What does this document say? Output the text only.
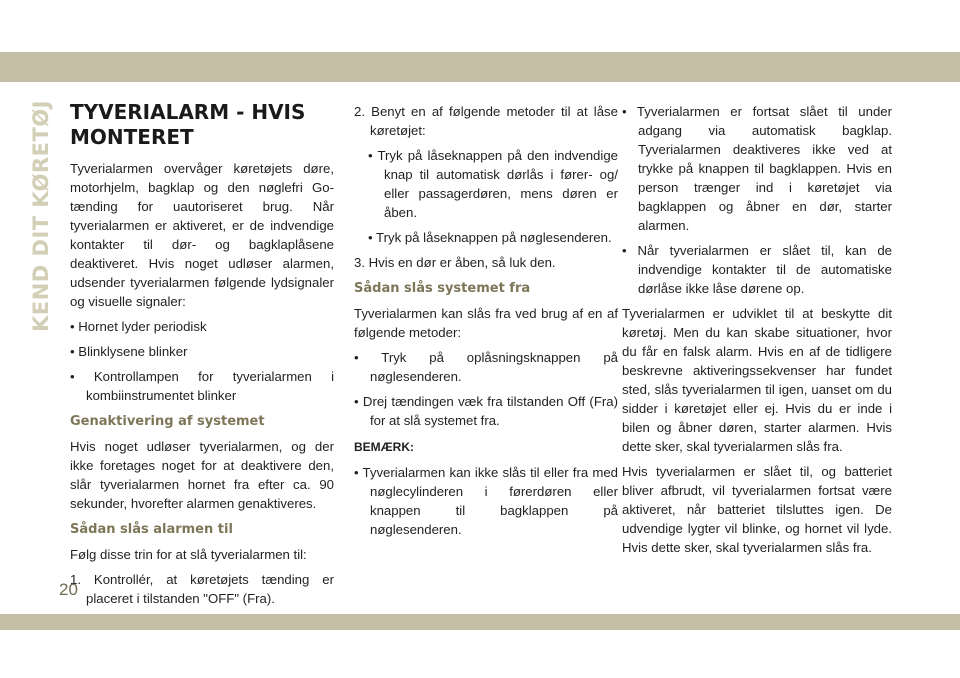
KEND DIT KØRETØJ TYVERIALARM - HVIS
MONTERET

Tyverialarmen overvåger køretøjets døre, motorhjelm, bagklap og den nøglefri Go-tænding for uautoriseret brug. Når tyverialarmen er aktiveret, er de indvendige kontakter til dør- og bagklaplåsene deaktiveret. Hvis noget udløser alarmen, udsender tyverialarmen følgende lydsignaler og visuelle signaler:

• Hornet lyder periodisk
• Blinklysene blinker
• Kontrollampen for tyverialarmen i kombiinstrumentet blinker
Genaktivering af systemet

Hvis noget udløser tyverialarmen, og der ikke foretages noget for at deaktivere den, slår tyverialarmen hornet fra efter ca. 90 sekunder, hvorefter alarmen genaktiveres.

Sådan slås alarmen til

Følg disse trin for at slå tyverialarmen til:

1. Kontrollér, at køretøjets tænding er placeret i tilstanden "OFF" (Fra).
2. Benyt en af følgende metoder til at låse køretøjet:
• Tryk på låseknappen på den indvendige knap til automatisk dørlås i fører- og/ eller passagerdøren, mens døren er åben.
• Tryk på låseknappen på nøglesenderen.
3. Hvis en dør er åben, så luk den.
Sådan slås systemet fra

Tyverialarmen kan slås fra ved brug af en af følgende metoder:

• Tryk på oplåsningsknappen på nøglesenderen.
• Drej tændingen væk fra tilstanden Off (Fra) for at slå systemet fra.
BEMÆRK:
• Tyverialarmen kan ikke slås til eller fra med nøglecylinderen i førerdøren eller knappen til bagklappen på nøglesenderen.
• Tyverialarmen er fortsat slået til under adgang via automatisk bagklap. Tyverialarmen deaktiveres ikke ved at trykke på knappen til bagklappen. Hvis en person trænger ind i køretøjet via bagklappen og åbner en dør, starter alarmen.
• Når tyverialarmen er slået til, kan de indvendige kontakter til de automatiske dørlåse ikke låse dørene op.

Tyverialarmen er udviklet til at beskytte dit køretøj. Men du kan skabe situationer, hvor du får en falsk alarm. Hvis en af de tidligere beskrevne aktiveringssekvenser har fundet sted, slås tyverialarmen til igen, uanset om du sidder i køretøjet eller ej. Hvis du er inde i bilen og åbner døren, starter alarmen. Hvis dette sker, skal tyverialarmen slås fra.

Hvis tyverialarmen er slået til, og batteriet bliver afbrudt, vil tyverialarmen fortsat være aktiveret, når batteriet tilsluttes igen. De udvendige lygter vil blinke, og hornet vil lyde. Hvis dette sker, skal tyverialarmen slås fra.

20
